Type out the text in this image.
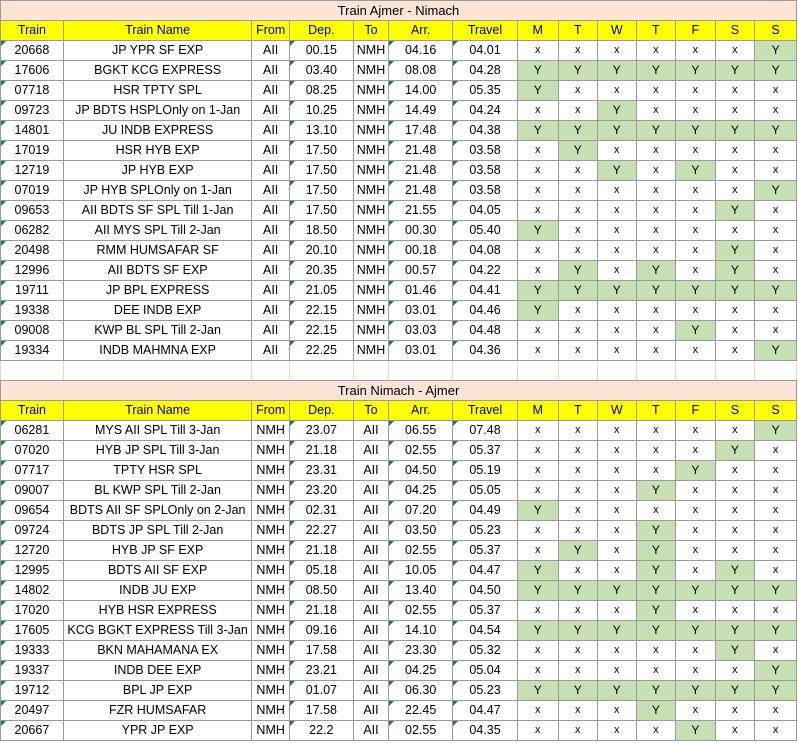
Train Ajmer - Nimach													
Train	Train Name	From	Dep.	To	Arr.	Travel	M	T	W	T	F	S	S
20668	JP YPR SF EXP	AII	00.15	NMH	04.16	04.01	x	x	x	x	x	x	Y
17606	BGKT KCG EXPRESS	AII	03.40	NMH	08.08	04.28	Y	Y	Y	Y	Y	Y	Y
07718	HSR TPTY SPL	AII	08.25	NMH	14.00	05.35	Y	x	x	x	x	x	x
09723	JP BDTS HSPLOnly on 1-Jan	AII	10.25	NMH	14.49	04.24	x	x	Y	x	x	x	x
14801	JU INDB EXPRESS	AII	13.10	NMH	17.48	04.38	Y	Y	Y	Y	Y	Y	Y
17019	HSR HYB EXP	AII	17.50	NMH	21.48	03.58	x	Y	x	x	x	x	x
12719	JP HYB EXP	AII	17.50	NMH	21.48	03.58	x	x	Y	x	Y	x	x
07019	JP HYB SPLOnly on 1-Jan	AII	17.50	NMH	21.48	03.58	x	x	x	x	x	x	Y
09653	AII BDTS SF SPL Till 1-Jan	AII	17.50	NMH	21.55	04.05	x	x	x	x	x	Y	x
06282	AII MYS SPL Till 2-Jan	AII	18.50	NMH	00.30	05.40	Y	x	x	x	x	x	x
20498	RMM HUMSAFAR SF	AII	20.10	NMH	00.18	04.08	x	x	x	x	x	Y	x
12996	AII BDTS SF EXP	AII	20.35	NMH	00.57	04.22	x	Y	x	Y	x	Y	x
19711	JP BPL EXPRESS	AII	21.05	NMH	01.46	04.41	Y	Y	Y	Y	Y	Y	Y
19338	DEE INDB EXP	AII	22.15	NMH	03.01	04.46	Y	x	x	x	x	x	x
09008	KWP BL SPL Till 2-Jan	AII	22.15	NMH	03.03	04.48	x	x	x	x	Y	x	x
19334	INDB MAHMNA EXP	AII	22.25	NMH	03.01	04.36	x	x	x	x	x	x	Y

Train Nimach - Ajmer													
Train	Train Name	From	Dep.	To	Arr.	Travel	M	T	W	T	F	S	S
06281	MYS AII SPL Till 3-Jan	NMH	23.07	AII	06.55	07.48	x	x	x	x	x	x	Y
07020	HYB JP SPL Till 3-Jan	NMH	21.18	AII	02.55	05.37	x	x	x	x	x	Y	x
07717	TPTY HSR SPL	NMH	23.31	AII	04.50	05.19	x	x	x	x	Y	x	x
09007	BL KWP SPL Till 2-Jan	NMH	23.20	AII	04.25	05.05	x	x	x	Y	x	x	x
09654	BDTS AII SF SPLOnly on 2-Jan	NMH	02.31	AII	07.20	04.49	Y	x	x	x	x	x	x
09724	BDTS JP SPL Till 2-Jan	NMH	22.27	AII	03.50	05.23	x	x	x	Y	x	x	x
12720	HYB JP SF EXP	NMH	21.18	AII	02.55	05.37	x	Y	x	Y	x	x	x
12995	BDTS AII SF EXP	NMH	05.18	AII	10.05	04.47	Y	x	x	Y	x	Y	x
14802	INDB JU EXP	NMH	08.50	AII	13.40	04.50	Y	Y	Y	Y	Y	Y	Y
17020	HYB HSR EXPRESS	NMH	21.18	AII	02.55	05.37	x	x	x	Y	x	x	x
17605	KCG BGKT EXPRESS Till 3-Jan	NMH	09.16	AII	14.10	04.54	Y	Y	Y	Y	Y	Y	Y
19333	BKN MAHAMANA EX	NMH	17.58	AII	23.30	05.32	x	x	x	x	x	Y	x
19337	INDB DEE EXP	NMH	23.21	AII	04.25	05.04	x	x	x	x	x	x	Y
19712	BPL JP EXP	NMH	01.07	AII	06.30	05.23	Y	Y	Y	Y	Y	Y	Y
20497	FZR HUMSAFAR	NMH	17.58	AII	22.45	04.47	x	x	x	Y	x	x	x
20667	YPR JP EXP	NMH	22.2	AII	02.55	04.35	x	x	x	x	Y	x	x
